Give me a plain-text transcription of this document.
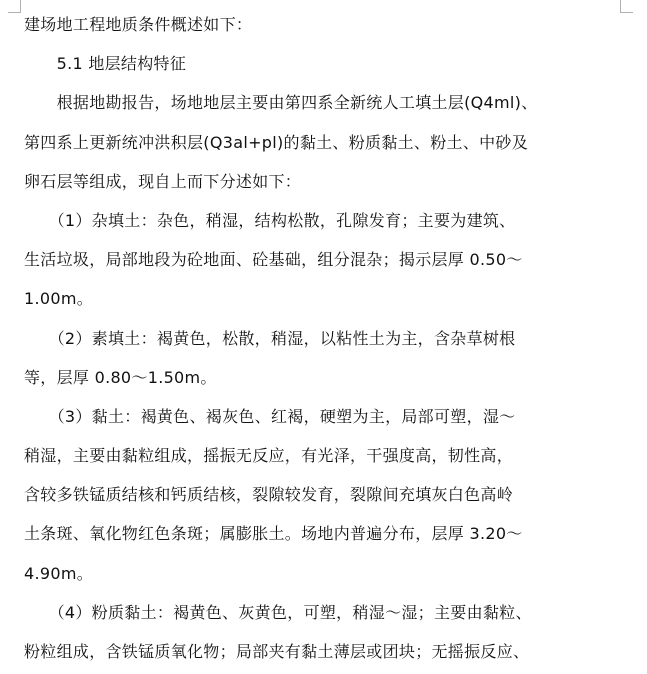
建场地工程地质条件概述如下：
　　5.1 地层结构特征
　　根据地勘报告，场地地层主要由第四系全新统人工填土层(Q4ml)、
第四系上更新统冲洪积层(Q3al+pl)的黏土、粉质黏土、粉土、中砂及
卵石层等组成，现自上而下分述如下：
　　（1）杂填土：杂色，稍湿，结构松散，孔隙发育；主要为建筑、
生活垃圾，局部地段为砼地面、砼基础，组分混杂；揭示层厚 0.50～
1.00m。
　　（2）素填土：褐黄色，松散，稍湿，以粘性土为主，含杂草树根
等，层厚 0.80～1.50m。
　　（3）黏土：褐黄色、褐灰色、红褐，硬塑为主，局部可塑，湿～
稍湿，主要由黏粒组成，摇振无反应，有光泽，干强度高，韧性高，
含较多铁锰质结核和钙质结核，裂隙较发育，裂隙间充填灰白色高岭
土条斑、氧化物红色条斑；属膨胀土。场地内普遍分布，层厚 3.20～
4.90m。
　　（4）粉质黏土：褐黄色、灰黄色，可塑，稍湿～湿；主要由黏粒、
粉粒组成，含铁锰质氧化物；局部夹有黏土薄层或团块；无摇振反应、
